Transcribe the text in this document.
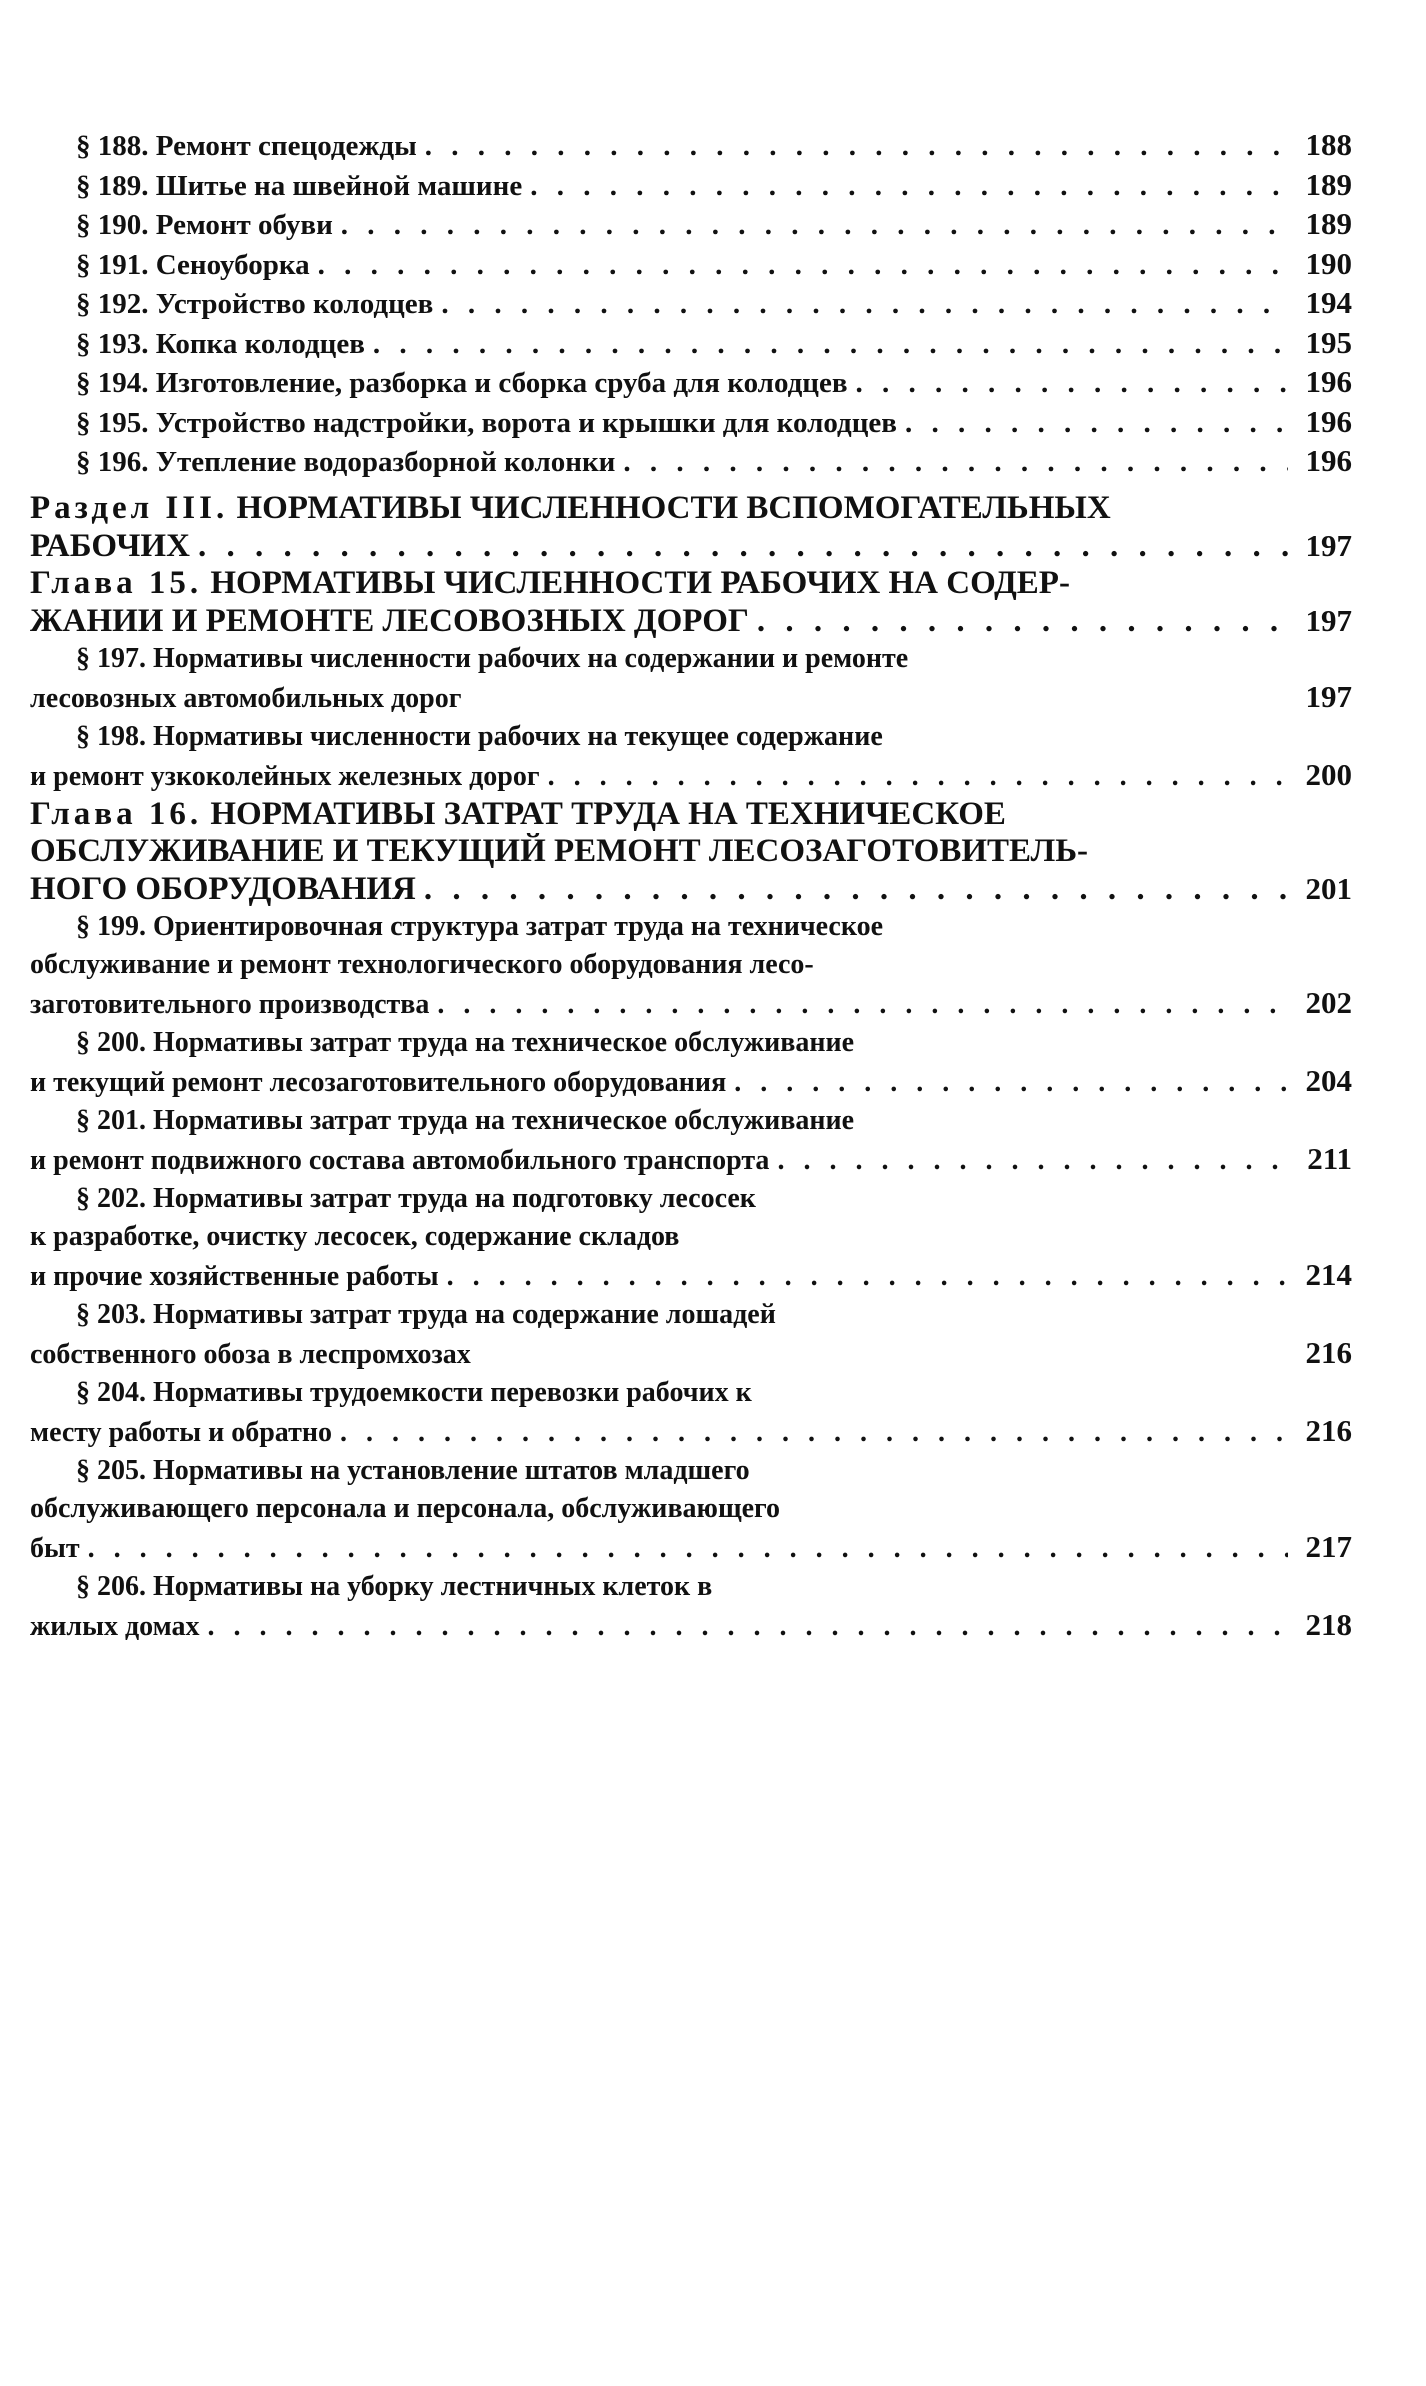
§ 188. Ремонт спецодежды . . .	188
§ 189. Шитье на швейной машине . . .	189
§ 190. Ремонт обуви . . .	189
§ 191. Сеноуборка . . .	190
§ 192. Устройство колодцев . . .	194
§ 193. Копка колодцев . . .	195
§ 194. Изготовление, разборка и сборка сруба для колодцев . . .	196
§ 195. Устройство надстройки, ворота и крышки для колодцев . . .	196
§ 196. Утепление водоразборной колонки . . .	196
Раздел III. НОРМАТИВЫ ЧИСЛЕННОСТИ ВСПОМОГАТЕЛЬНЫХ
РАБОЧИХ . . .	197
Глава 15. НОРМАТИВЫ ЧИСЛЕННОСТИ РАБОЧИХ НА СОДЕР-
ЖАНИИ И РЕМОНТЕ ЛЕСОВОЗНЫХ ДОРОГ . . .	197
§ 197. Нормативы численности рабочих на содержании и ремонте
лесовозных автомобильных дорог	197
§ 198. Нормативы численности рабочих на текущее содержание
и ремонт узкоколейных железных дорог . . .	200
Глава 16. НОРМАТИВЫ ЗАТРАТ ТРУДА НА ТЕХНИЧЕСКОЕ
ОБСЛУЖИВАНИЕ И ТЕКУЩИЙ РЕМОНТ ЛЕСОЗАГОТОВИТЕЛЬ-
НОГО ОБОРУДОВАНИЯ . . .	201
§ 199. Ориентировочная структура затрат труда на техническое
обслуживание и ремонт технологического оборудования лесо-
заготовительного производства . . .	202
§ 200. Нормативы затрат труда на техническое обслуживание
и текущий ремонт лесозаготовительного оборудования . . .	204
§ 201. Нормативы затрат труда на техническое обслуживание
и ремонт подвижного состава автомобильного транспорта . . .	211
§ 202. Нормативы затрат труда на подготовку лесосек
к разработке, очистку лесосек, содержание складов
и прочие хозяйственные работы . . .	214
§ 203. Нормативы затрат труда на содержание лошадей
собственного обоза в леспромхозах	216
§ 204. Нормативы трудоемкости перевозки рабочих к
месту работы и обратно . . .	216
§ 205. Нормативы на установление штатов младшего
обслуживающего персонала и персонала, обслуживающего
быт . . .	217
§ 206. Нормативы на уборку лестничных клеток в
жилых домах . . .	218
